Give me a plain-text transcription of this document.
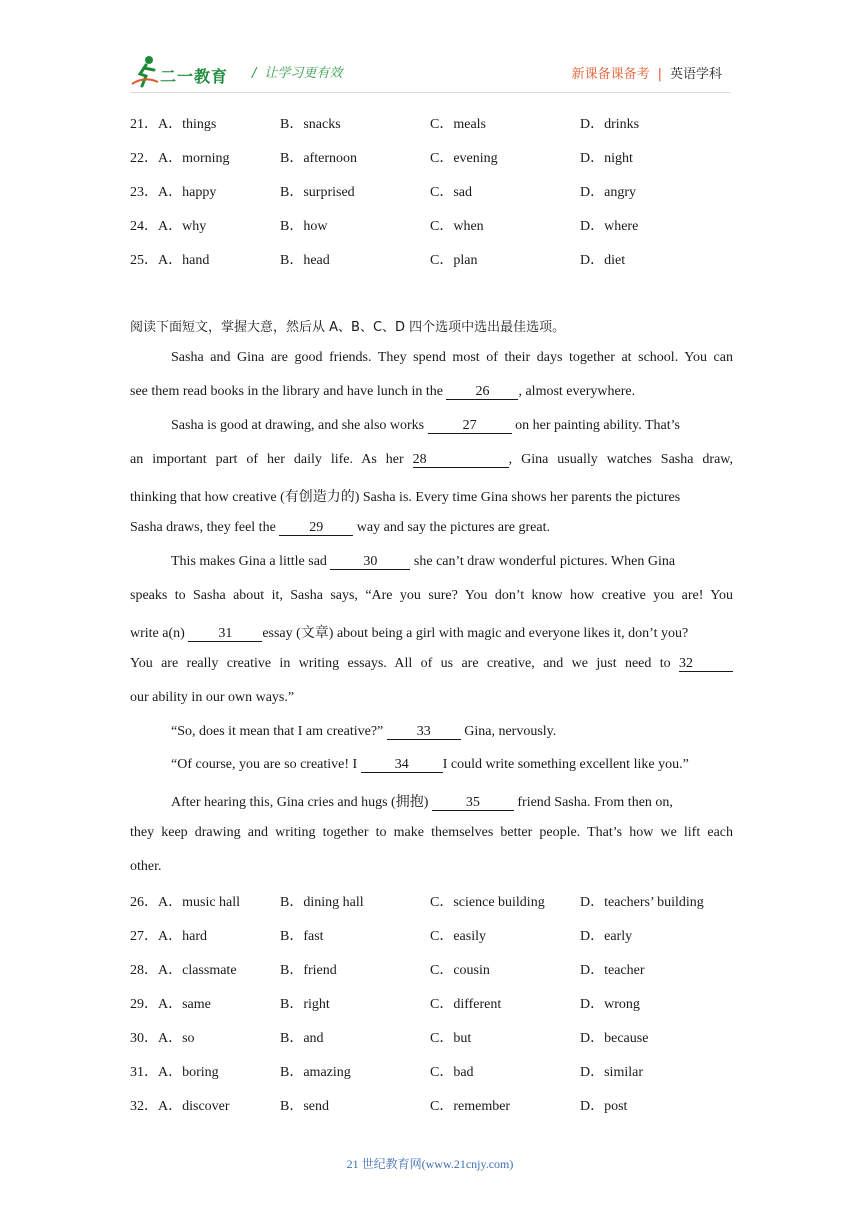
二一教育 / 让学习更有效	新课备课备考 | 英语学科
21．A．things	B．snacks	C．meals	D．drinks
22．A．morning	B．afternoon	C．evening	D．night
23．A．happy	B．surprised	C．sad	D．angry
24．A．why	B．how	C．when	D．where
25．A．hand	B．head	C．plan	D．diet
阅读下面短文，掌握大意，然后从 A、B、C、D 四个选项中选出最佳选项。
Sasha and Gina are good friends. They spend most of their days together at school. You can
see them read books in the library and have lunch in the 26 , almost everywhere.
Sasha is good at drawing, and she also works	27	on her painting ability. That’s
an important part of her daily life. As her 28	, Gina usually watches Sasha draw,
thinking that how creative (有创造力的) Sasha is. Every time Gina shows her parents the pictures
Sasha draws, they feel the 29 way and say the pictures are great.
This makes Gina a little sad 30 she can’t draw wonderful pictures. When Gina
speaks to Sasha about it, Sasha says, “Are you sure? You don’t know how creative you are! You
write a(n) 31 essay (文章) about being a girl with magic and everyone likes it, don’t you?
You are really creative in writing essays. All of us are creative, and we just need to 32
our ability in our own ways.”
“So, does it mean that I am creative?” 33 Gina, nervously.
“Of course, you are so creative! I 34 I could write something excellent like you.”
After hearing this, Gina cries and hugs (拥抱) 35 friend Sasha. From then on,
they keep drawing and writing together to make themselves better people. That’s how we lift each
other.
26．A．music hall	B．dining hall	C．science building	D．teachers’ building
27．A．hard	B．fast	C．easily	D．early
28．A．classmate	B．friend	C．cousin	D．teacher
29．A．same	B．right	C．different	D．wrong
30．A．so	B．and	C．but	D．because
31．A．boring	B．amazing	C．bad	D．similar
32．A．discover	B．send	C．remember	D．post
21 世纪教育网(www.21cnjy.com)
